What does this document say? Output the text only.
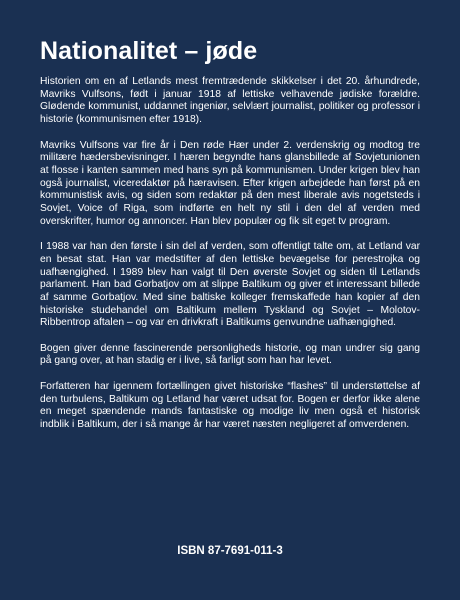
Nationalitet – jøde

Historien om en af Letlands mest fremtrædende skikkelser i det 20. århundrede, Mavriks Vulfsons, født i januar 1918 af lettiske velhavende jødiske forældre. Glødende kommunist, uddannet ingeniør, selvlært journalist, politiker og professor i historie (kommunismen efter 1918).

Mavriks Vulfsons var fire år i Den røde Hær under 2. verdenskrig og modtog tre militære hædersbevisninger. I hæren begyndte hans glansbillede af Sovjetunionen at flosse i kanten sammen med hans syn på kommunismen. Under krigen blev han også journalist, viceredaktør på hæravisen. Efter krigen arbejdede han først på en kommunistisk avis, og siden som redaktør på den mest liberale avis nogetsteds i Sovjet, Voice of Riga, som indførte en helt ny stil i den del af verden med overskrifter, humor og annoncer. Han blev populær og fik sit eget tv program.

I 1988 var han den første i sin del af verden, som offentligt talte om, at Letland var en besat stat. Han var medstifter af den lettiske bevægelse for perestrojka og uafhængighed. I 1989 blev han valgt til Den øverste Sovjet og siden til Letlands parlament. Han bad Gorbatjov om at slippe Baltikum og giver et interessant billede af samme Gorbatjov. Med sine baltiske kolleger fremskaffede han kopier af den historiske studehandel om Baltikum mellem Tyskland og Sovjet – Molotov-Ribbentrop aftalen – og var en drivkraft i Baltikums genvundne uafhængighed.

Bogen giver denne fascinerende personligheds historie, og man undrer sig gang på gang over, at han stadig er i live, så farligt som han har levet.

Forfatteren har igennem fortællingen givet historiske “flashes” til understøttelse af den turbulens, Baltikum og Letland har været udsat for. Bogen er derfor ikke alene en meget spændende mands fantastiske og modige liv men også et historisk indblik i Baltikum, der i så mange år har været næsten negligeret af omverdenen.

ISBN 87-7691-011-3
